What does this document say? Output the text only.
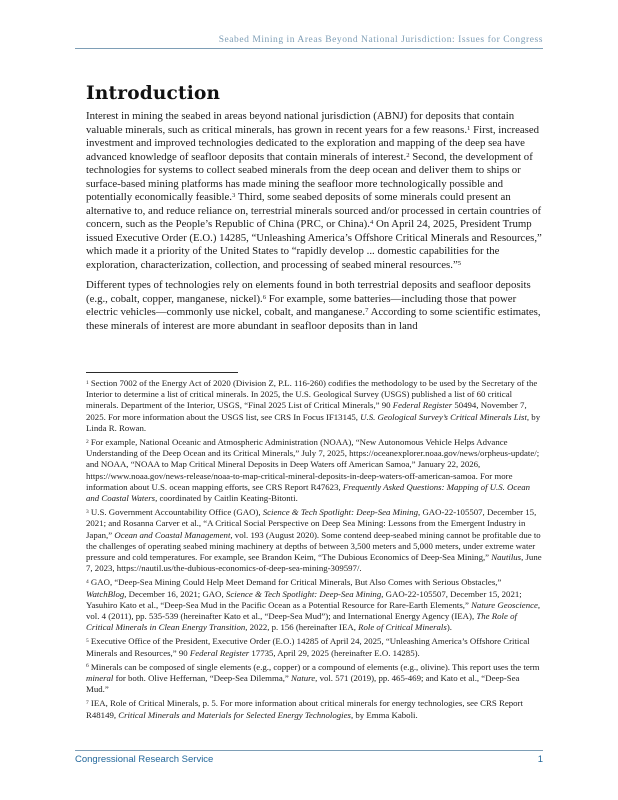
Seabed Mining in Areas Beyond National Jurisdiction: Issues for Congress
Introduction

Interest in mining the seabed in areas beyond national jurisdiction (ABNJ) for deposits that contain valuable minerals, such as critical minerals, has grown in recent years for a few reasons.$^1$ First, increased investment and improved technologies dedicated to the exploration and mapping of the deep sea have advanced knowledge of seafloor deposits that contain minerals of interest.$^2$ Second, the development of technologies for systems to collect seabed minerals from the deep ocean and deliver them to ships or surface-based mining platforms has made mining the seafloor more technologically possible and potentially economically feasible.$^3$ Third, some seabed deposits of some minerals could present an alternative to, and reduce reliance on, terrestrial minerals sourced and/or processed in certain countries of concern, such as the People’s Republic of China (PRC, or China).$^4$ On April 24, 2025, President Trump issued Executive Order (E.O.) 14285, “Unleashing America’s Offshore Critical Minerals and Resources,” which made it a priority of the United States to “rapidly develop ... domestic capabilities for the exploration, characterization, collection, and processing of seabed mineral resources.”$^5$

Different types of technologies rely on elements found in both terrestrial deposits and seafloor deposits (e.g., cobalt, copper, manganese, nickel).$^6$ For example, some batteries—including those that power electric vehicles—commonly use nickel, cobalt, and manganese.$^7$ According to some scientific estimates, these minerals of interest are more abundant in seafloor deposits than in land

$^1$ Section 7002 of the Energy Act of 2020 (Division Z, P.L. 116-260) codifies the methodology to be used by the Secretary of the Interior to determine a list of critical minerals. In 2025, the U.S. Geological Survey (USGS) published a list of 60 critical minerals. Department of the Interior, USGS, “Final 2025 List of Critical Minerals,” 90 Federal Register 50494, November 7, 2025. For more information about the USGS list, see CRS In Focus IF13145, U.S. Geological Survey’s Critical Minerals List, by Linda R. Rowan.
$^2$ For example, National Oceanic and Atmospheric Administration (NOAA), “New Autonomous Vehicle Helps Advance Understanding of the Deep Ocean and its Critical Minerals,” July 7, 2025, https://oceanexplorer.noaa.gov/news/orpheus-update/; and NOAA, “NOAA to Map Critical Mineral Deposits in Deep Waters off American Samoa,” January 22, 2026, https://www.noaa.gov/news-release/noaa-to-map-critical-mineral-deposits-in-deep-waters-off-american-samoa. For more information about U.S. ocean mapping efforts, see CRS Report R47623, Frequently Asked Questions: Mapping of U.S. Ocean and Coastal Waters, coordinated by Caitlin Keating-Bitonti.
$^3$ U.S. Government Accountability Office (GAO), Science & Tech Spotlight: Deep-Sea Mining, GAO-22-105507, December 15, 2021; and Rosanna Carver et al., “A Critical Social Perspective on Deep Sea Mining: Lessons from the Emergent Industry in Japan,” Ocean and Coastal Management, vol. 193 (August 2020). Some contend deep-seabed mining cannot be profitable due to the challenges of operating seabed mining machinery at depths of between 3,500 meters and 5,000 meters, under extreme water pressure and cold temperatures. For example, see Brandon Keim, “The Dubious Economics of Deep-Sea Mining,” Nautilus, June 7, 2023, https://nautil.us/the-dubious-economics-of-deep-sea-mining-309597/.
$^4$ GAO, “Deep-Sea Mining Could Help Meet Demand for Critical Minerals, But Also Comes with Serious Obstacles,” WatchBlog, December 16, 2021; GAO, Science & Tech Spotlight: Deep-Sea Mining, GAO-22-105507, December 15, 2021; Yasuhiro Kato et al., “Deep-Sea Mud in the Pacific Ocean as a Potential Resource for Rare-Earth Elements,” Nature Geoscience, vol. 4 (2011), pp. 535-539 (hereinafter Kato et al., “Deep-Sea Mud”); and International Energy Agency (IEA), The Role of Critical Minerals in Clean Energy Transition, 2022, p. 156 (hereinafter IEA, Role of Critical Minerals).
$^5$ Executive Office of the President, Executive Order (E.O.) 14285 of April 24, 2025, “Unleashing America’s Offshore Critical Minerals and Resources,” 90 Federal Register 17735, April 29, 2025 (hereinafter E.O. 14285).
$^6$ Minerals can be composed of single elements (e.g., copper) or a compound of elements (e.g., olivine). This report uses the term mineral for both. Olive Heffernan, “Deep-Sea Dilemma,” Nature, vol. 571 (2019), pp. 465-469; and Kato et al., “Deep-Sea Mud.”
$^7$ IEA, Role of Critical Minerals, p. 5. For more information about critical minerals for energy technologies, see CRS Report R48149, Critical Minerals and Materials for Selected Energy Technologies, by Emma Kaboli.
Congressional Research Service	1
